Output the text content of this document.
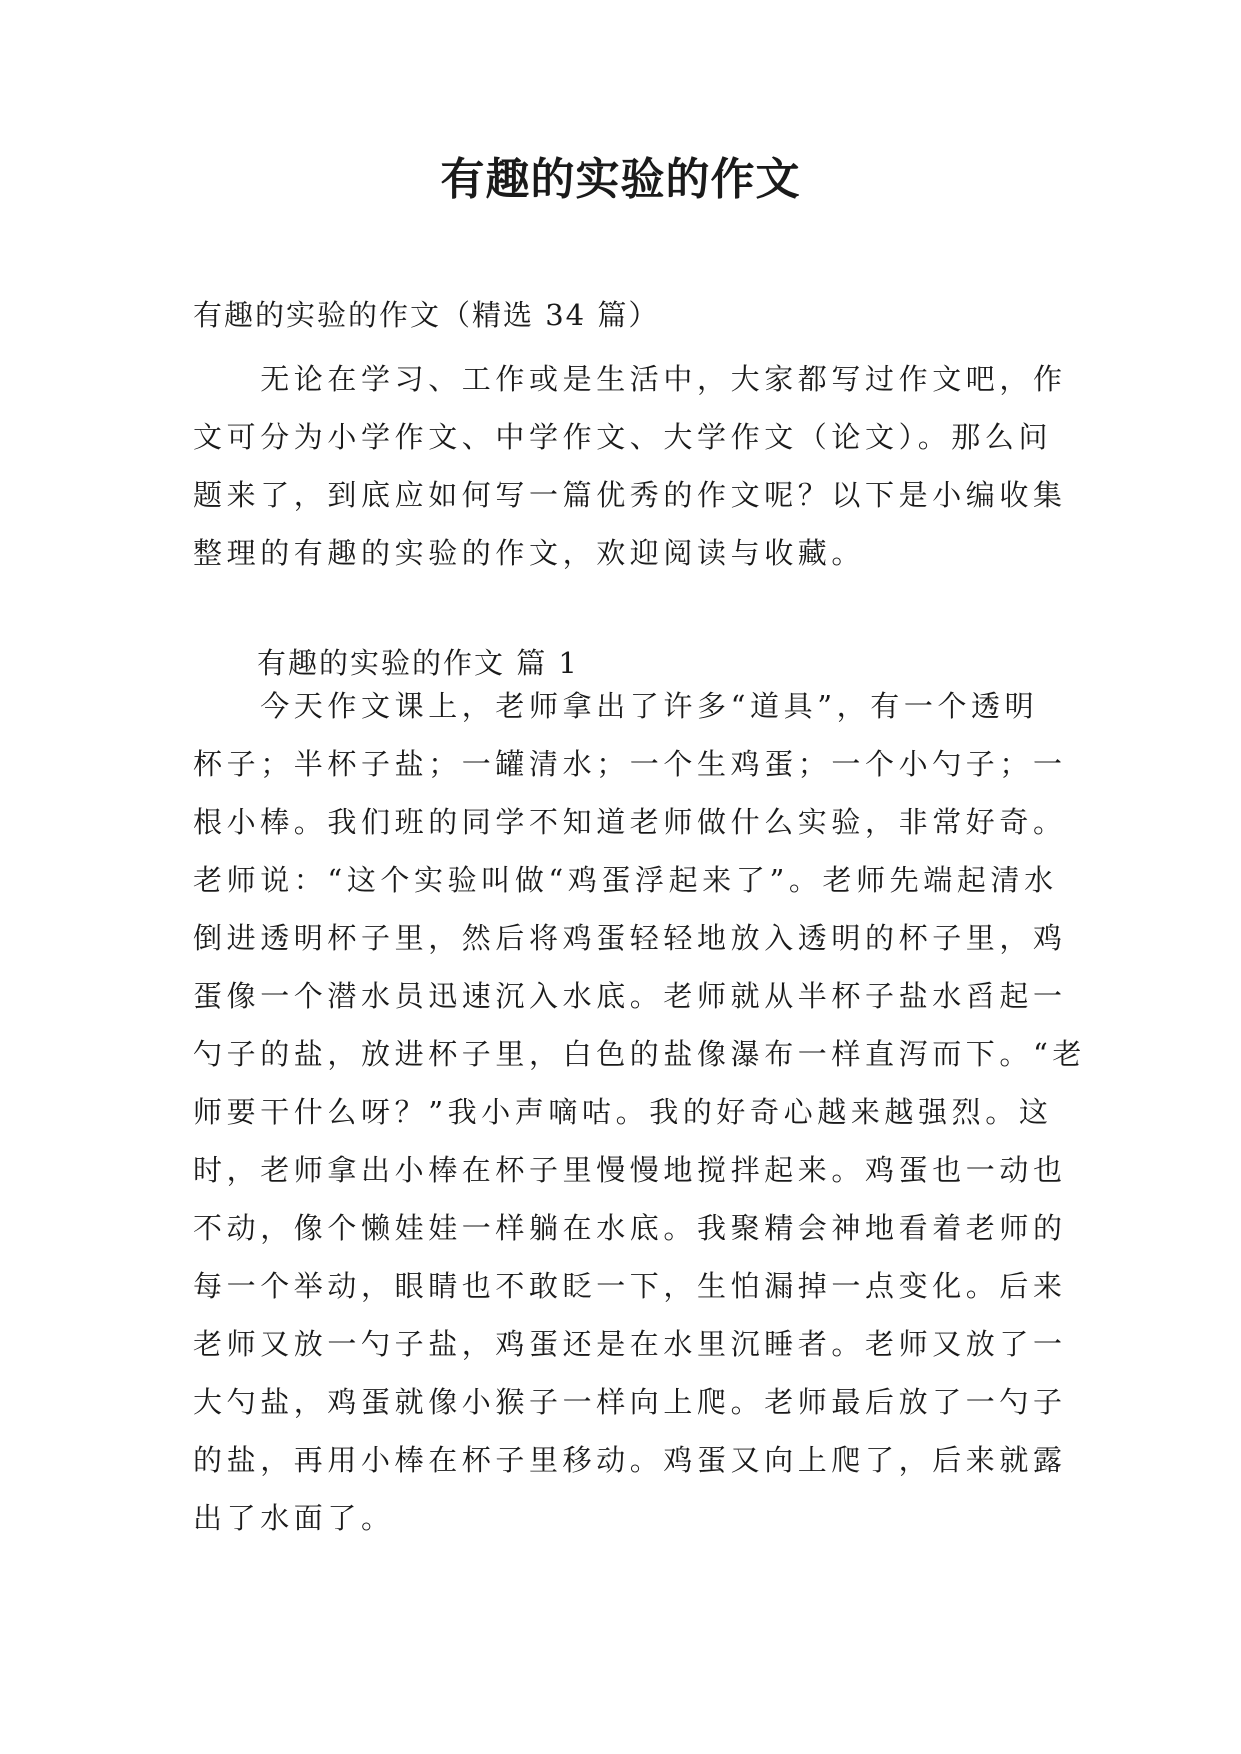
有趣的实验的作文

有趣的实验的作文（精选 34 篇）

　　无论在学习、工作或是生活中，大家都写过作文吧，作
文可分为小学作文、中学作文、大学作文（论文）。那么问
题来了，到底应如何写一篇优秀的作文呢？以下是小编收集
整理的有趣的实验的作文，欢迎阅读与收藏。

有趣的实验的作文 篇 1

　　今天作文课上，老师拿出了许多“道具”，有一个透明
杯子；半杯子盐；一罐清水；一个生鸡蛋；一个小勺子；一
根小棒。我们班的同学不知道老师做什么实验，非常好奇。
老师说：“这个实验叫做“鸡蛋浮起来了”。老师先端起清水
倒进透明杯子里，然后将鸡蛋轻轻地放入透明的杯子里，鸡
蛋像一个潜水员迅速沉入水底。老师就从半杯子盐水舀起一
勺子的盐，放进杯子里，白色的盐像瀑布一样直泻而下。“老
师要干什么呀？”我小声嘀咕。我的好奇心越来越强烈。这
时，老师拿出小棒在杯子里慢慢地搅拌起来。鸡蛋也一动也
不动，像个懒娃娃一样躺在水底。我聚精会神地看着老师的
每一个举动，眼睛也不敢眨一下，生怕漏掉一点变化。后来
老师又放一勺子盐，鸡蛋还是在水里沉睡者。老师又放了一
大勺盐，鸡蛋就像小猴子一样向上爬。老师最后放了一勺子
的盐，再用小棒在杯子里移动。鸡蛋又向上爬了，后来就露
出了水面了。
